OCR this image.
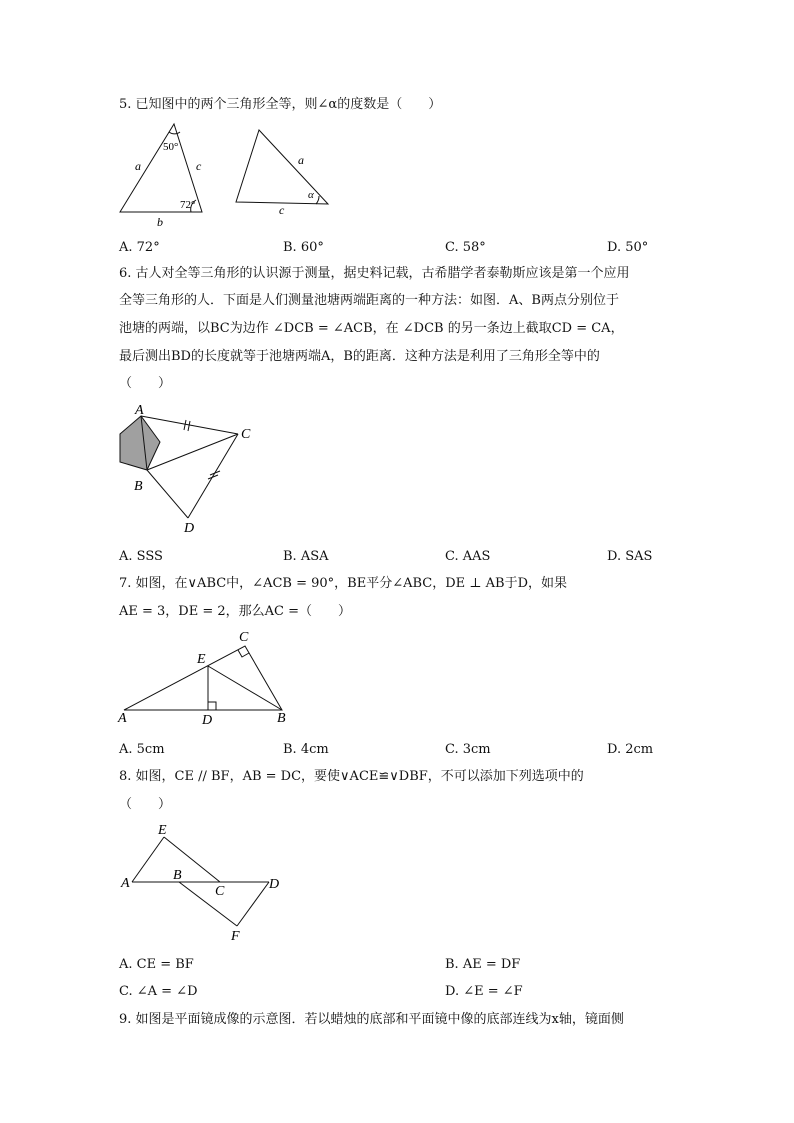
5. 已知图中的两个三角形全等，则∠α的度数是（　　）
50°
72°
a	c
b
a
α
c
A. 72°	B. 60°	C. 58°	D. 50°
6. 古人对全等三角形的认识源于测量，据史料记载，古希腊学者泰勒斯应该是第一个应用
全等三角形的人．下面是人们测量池塘两端距离的一种方法：如图．A、B两点分别位于
池塘的两端，以BC为边作 ∠DCB = ∠ACB，在 ∠DCB 的另一条边上截取CD = CA，
最后测出BD的长度就等于池塘两端A，B的距离．这种方法是利用了三角形全等中的
（　　）
A
B
C
D
A. SSS	B. ASA	C. AAS	D. SAS
7. 如图，在∨ABC中，∠ACB = 90°，BE平分∠ABC，DE ⊥ AB于D，如果
AE = 3，DE = 2，那么AC =（　　）
A	B
C
D
E
A. 5cm	B. 4cm	C. 3cm	D. 2cm
8. 如图，CE // BF，AB = DC，要使∨ACE≌∨DBF，不可以添加下列选项中的
（　　）
A
B
C	D
E
F
A. CE = BF	B. AE = DF
C. ∠A = ∠D	D. ∠E = ∠F
9. 如图是平面镜成像的示意图．若以蜡烛的底部和平面镜中像的底部连线为x轴，镜面侧
